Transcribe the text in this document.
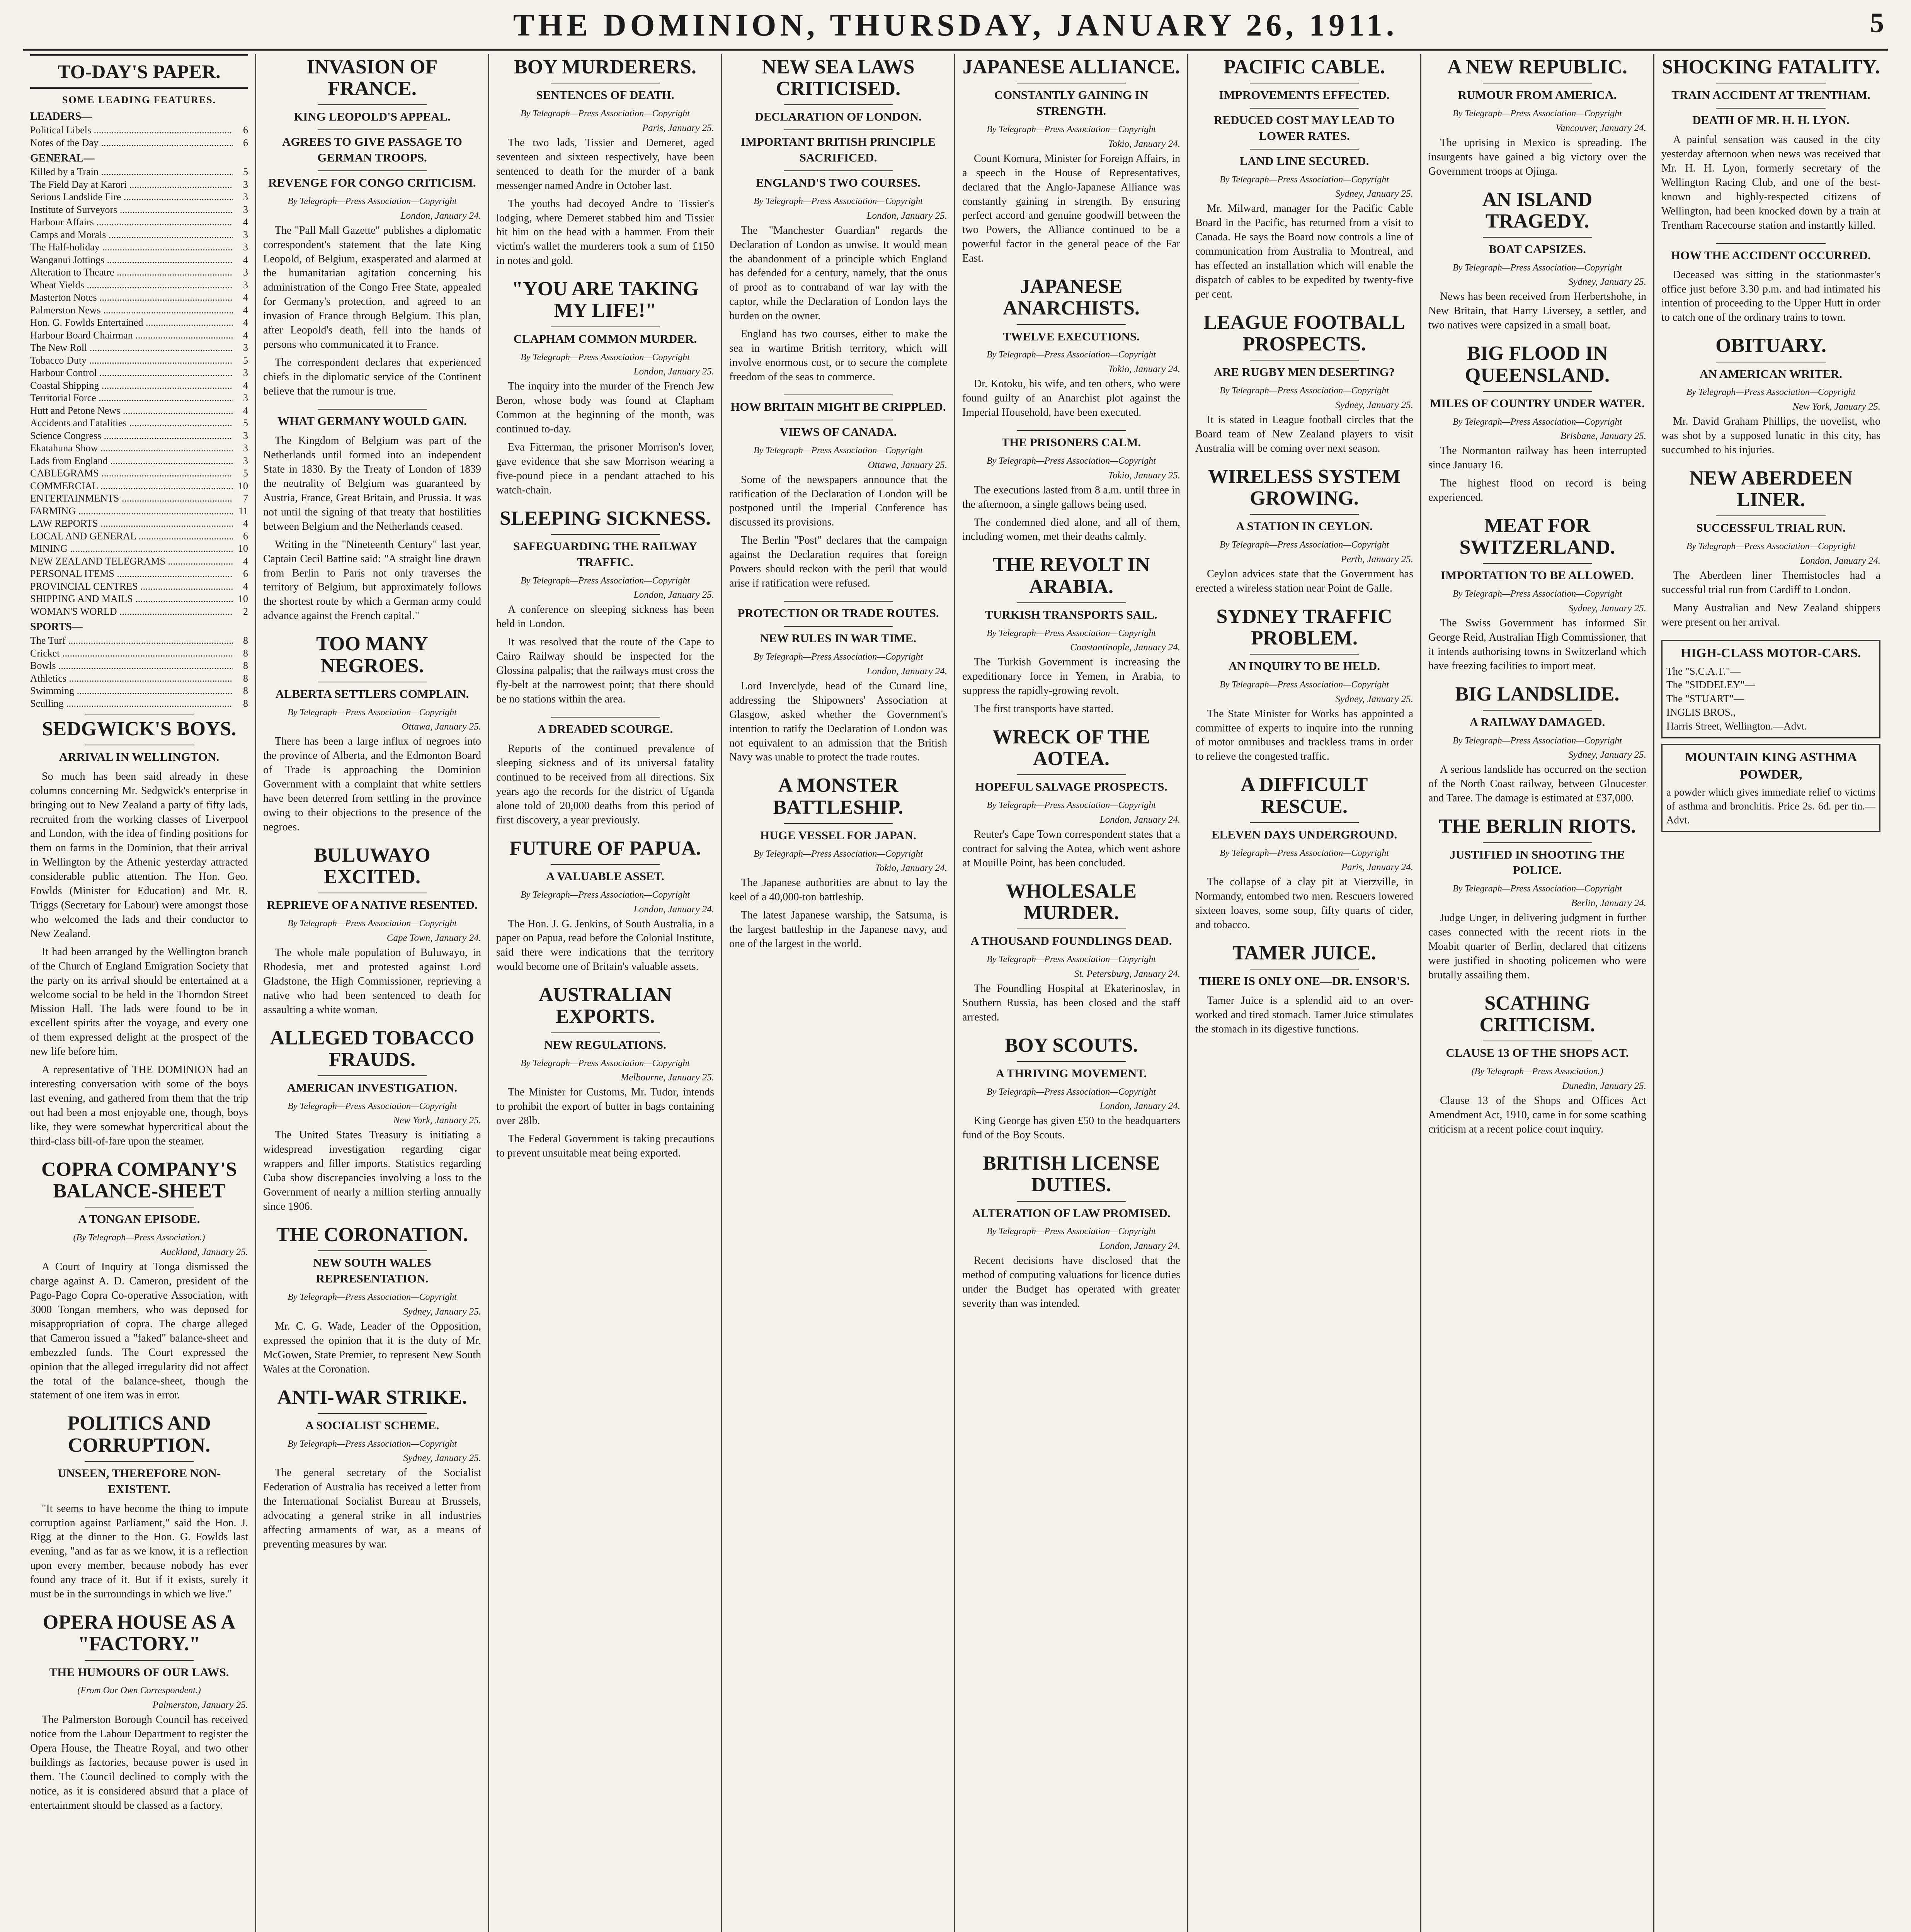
THE DOMINION, THURSDAY, JANUARY 26, 1911.	5
TO-DAY'S PAPER.
SOME LEADING FEATURES.
LEADERS—
Political Libels .....	6
Notes of the Day .....	6
GENERAL—
Killed by a Train .....	5
The Field Day at Karori .....	3
Serious Landslide Fire .....	3
Institute of Surveyors .....	3
Harbour Affairs .....	4
Camps and Morals .....	3
The Half-holiday .....	3
Wanganui Jottings .....	4
Alteration to Theatre .....	3
Wheat Yields .....	3
Masterton Notes .....	4
Palmerston News .....	4
Hon. G. Fowlds Entertained .....	4
Harbour Board Chairman .....	4
The New Roll .....	3
Tobacco Duty .....	5
Harbour Control .....	3
Coastal Shipping .....	4
Territorial Force .....	3
Hutt and Petone News .....	4
Accidents and Fatalities .....	5
Science Congress .....	3
Ekatahuna Show .....	3
Lads from England .....	3
CABLEGRAMS .....	5
COMMERCIAL .....	10
ENTERTAINMENTS .....	7
FARMING .....	11
LAW REPORTS .....	4
LOCAL AND GENERAL .....	6
MINING .....	10
NEW ZEALAND TELEGRAMS .....	4
PERSONAL ITEMS .....	6
PROVINCIAL CENTRES .....	4
SHIPPING AND MAILS .....	10
WOMAN'S WORLD .....	2
SPORTS—
The Turf .....	8
Cricket .....	8
Bowls .....	8
Athletics .....	8
Swimming .....	8
Sculling .....	8
SEDGWICK'S BOYS.
ARRIVAL IN WELLINGTON.

So much has been said already in these columns concerning Mr. Sedgwick's enterprise in bringing out to New Zealand a party of fifty lads, recruited from the working classes of Liverpool and London, with the idea of finding positions for them on farms in the Dominion, that their arrival in Wellington by the Athenic yesterday attracted considerable public attention. The Hon. Geo. Fowlds (Minister for Education) and Mr. R. Triggs (Secretary for Labour) were amongst those who welcomed the lads and their conductor to New Zealand.

It had been arranged by the Wellington branch of the Church of England Emigration Society that the party on its arrival should be entertained at a welcome social to be held in the Thorndon Street Mission Hall. The lads were found to be in excellent spirits after the voyage, and every one of them expressed delight at the prospect of the new life before him.

A representative of THE DOMINION had an interesting conversation with some of the boys last evening, and gathered from them that the trip out had been a most enjoyable one, though, boys like, they were somewhat hypercritical about the third-class bill-of-fare upon the steamer.

COPRA COMPANY'S BALANCE-SHEET
A TONGAN EPISODE.
(By Telegraph—Press Association.)
Auckland, January 25.

A Court of Inquiry at Tonga dismissed the charge against A. D. Cameron, president of the Pago-Pago Copra Co-operative Association, with 3000 Tongan members, who was deposed for misappropriation of copra. The charge alleged that Cameron issued a "faked" balance-sheet and embezzled funds. The Court expressed the opinion that the alleged irregularity did not affect the total of the balance-sheet, though the statement of one item was in error.

POLITICS AND CORRUPTION.
UNSEEN, THEREFORE NON-EXISTENT.

"It seems to have become the thing to impute corruption against Parliament," said the Hon. J. Rigg at the dinner to the Hon. G. Fowlds last evening, "and as far as we know, it is a reflection upon every member, because nobody has ever found any trace of it. But if it exists, surely it must be in the surroundings in which we live."

OPERA HOUSE AS A "FACTORY."
THE HUMOURS OF OUR LAWS.
(From Our Own Correspondent.)
Palmerston, January 25.

The Palmerston Borough Council has received notice from the Labour Department to register the Opera House, the Theatre Royal, and two other buildings as factories, because power is used in them. The Council declined to comply with the notice, as it is considered absurd that a place of entertainment should be classed as a factory.

INVASION OF FRANCE.
KING LEOPOLD'S APPEAL.
AGREES TO GIVE PASSAGE TO GERMAN TROOPS.
REVENGE FOR CONGO CRITICISM.
By Telegraph—Press Association—Copyright
London, January 24.

The "Pall Mall Gazette" publishes a diplomatic correspondent's statement that the late King Leopold, of Belgium, exasperated and alarmed at the humanitarian agitation concerning his administration of the Congo Free State, appealed for Germany's protection, and agreed to an invasion of France through Belgium. This plan, after Leopold's death, fell into the hands of persons who communicated it to France.

The correspondent declares that experienced chiefs in the diplomatic service of the Continent believe that the rumour is true.

WHAT GERMANY WOULD GAIN.

The Kingdom of Belgium was part of the Netherlands until formed into an independent State in 1830. By the Treaty of London of 1839 the neutrality of Belgium was guaranteed by Austria, France, Great Britain, and Prussia. It was not until the signing of that treaty that hostilities between Belgium and the Netherlands ceased.

Writing in the "Nineteenth Century" last year, Captain Cecil Battine said: "A straight line drawn from Berlin to Paris not only traverses the territory of Belgium, but approximately follows the shortest route by which a German army could advance against the French capital."

TOO MANY NEGROES.
ALBERTA SETTLERS COMPLAIN.
By Telegraph—Press Association—Copyright
Ottawa, January 25.

There has been a large influx of negroes into the province of Alberta, and the Edmonton Board of Trade is approaching the Dominion Government with a complaint that white settlers have been deterred from settling in the province owing to their objections to the presence of the negroes.

BULUWAYO EXCITED.
REPRIEVE OF A NATIVE RESENTED.
By Telegraph—Press Association—Copyright
Cape Town, January 24.

The whole male population of Buluwayo, in Rhodesia, met and protested against Lord Gladstone, the High Commissioner, reprieving a native who had been sentenced to death for assaulting a white woman.

ALLEGED TOBACCO FRAUDS.
AMERICAN INVESTIGATION.
By Telegraph—Press Association—Copyright
New York, January 25.

The United States Treasury is initiating a widespread investigation regarding cigar wrappers and filler imports. Statistics regarding Cuba show discrepancies involving a loss to the Government of nearly a million sterling annually since 1906.

THE CORONATION.
NEW SOUTH WALES REPRESENTATION.
By Telegraph—Press Association—Copyright
Sydney, January 25.

Mr. C. G. Wade, Leader of the Opposition, expressed the opinion that it is the duty of Mr. McGowen, State Premier, to represent New South Wales at the Coronation.

ANTI-WAR STRIKE.
A SOCIALIST SCHEME.
By Telegraph—Press Association—Copyright
Sydney, January 25.

The general secretary of the Socialist Federation of Australia has received a letter from the International Socialist Bureau at Brussels, advocating a general strike in all industries affecting armaments of war, as a means of preventing measures by war.

BOY MURDERERS.
SENTENCES OF DEATH.
By Telegraph—Press Association—Copyright
Paris, January 25.

The two lads, Tissier and Demeret, aged seventeen and sixteen respectively, have been sentenced to death for the murder of a bank messenger named Andre in October last.

The youths had decoyed Andre to Tissier's lodging, where Demeret stabbed him and Tissier hit him on the head with a hammer. From their victim's wallet the murderers took a sum of £150 in notes and gold.

"YOU ARE TAKING MY LIFE!"
CLAPHAM COMMON MURDER.
By Telegraph—Press Association—Copyright
London, January 25.

The inquiry into the murder of the French Jew Beron, whose body was found at Clapham Common at the beginning of the month, was continued to-day.

Eva Fitterman, the prisoner Morrison's lover, gave evidence that she saw Morrison wearing a five-pound piece in a pendant attached to his watch-chain.

SLEEPING SICKNESS.
SAFEGUARDING THE RAILWAY TRAFFIC.
By Telegraph—Press Association—Copyright
London, January 25.

A conference on sleeping sickness has been held in London.

It was resolved that the route of the Cape to Cairo Railway should be inspected for the Glossina palpalis; that the railways must cross the fly-belt at the narrowest point; that there should be no stations within the area.

A DREADED SCOURGE.

Reports of the continued prevalence of sleeping sickness and of its universal fatality continued to be received from all directions. Six years ago the records for the district of Uganda alone told of 20,000 deaths from this period of first discovery, a year previously.

FUTURE OF PAPUA.
A VALUABLE ASSET.
By Telegraph—Press Association—Copyright
London, January 24.

The Hon. J. G. Jenkins, of South Australia, in a paper on Papua, read before the Colonial Institute, said there were indications that the territory would become one of Britain's valuable assets.

AUSTRALIAN EXPORTS.
NEW REGULATIONS.
By Telegraph—Press Association—Copyright
Melbourne, January 25.

The Minister for Customs, Mr. Tudor, intends to prohibit the export of butter in bags containing over 28lb.

The Federal Government is taking precautions to prevent unsuitable meat being exported.

NEW SEA LAWS CRITICISED.
DECLARATION OF LONDON.
IMPORTANT BRITISH PRINCIPLE SACRIFICED.
ENGLAND'S TWO COURSES.
By Telegraph—Press Association—Copyright
London, January 25.

The "Manchester Guardian" regards the Declaration of London as unwise. It would mean the abandonment of a principle which England has defended for a century, namely, that the onus of proof as to contraband of war lay with the captor, while the Declaration of London lays the burden on the owner.

England has two courses, either to make the sea in wartime British territory, which will involve enormous cost, or to secure the complete freedom of the seas to commerce.

HOW BRITAIN MIGHT BE CRIPPLED.
VIEWS OF CANADA.
By Telegraph—Press Association—Copyright
Ottawa, January 25.

Some of the newspapers announce that the ratification of the Declaration of London will be postponed until the Imperial Conference has discussed its provisions.

The Berlin "Post" declares that the campaign against the Declaration requires that foreign Powers should reckon with the peril that would arise if ratification were refused.

PROTECTION OR TRADE ROUTES.
NEW RULES IN WAR TIME.
By Telegraph—Press Association—Copyright
London, January 24.

Lord Inverclyde, head of the Cunard line, addressing the Shipowners' Association at Glasgow, asked whether the Government's intention to ratify the Declaration of London was not equivalent to an admission that the British Navy was unable to protect the trade routes.

A MONSTER BATTLESHIP.
HUGE VESSEL FOR JAPAN.
By Telegraph—Press Association—Copyright
Tokio, January 24.

The Japanese authorities are about to lay the keel of a 40,000-ton battleship.

The latest Japanese warship, the Satsuma, is the largest battleship in the Japanese navy, and one of the largest in the world.

JAPANESE ALLIANCE.
CONSTANTLY GAINING IN STRENGTH.
By Telegraph—Press Association—Copyright
Tokio, January 24.

Count Komura, Minister for Foreign Affairs, in a speech in the House of Representatives, declared that the Anglo-Japanese Alliance was constantly gaining in strength. By ensuring perfect accord and genuine goodwill between the two Powers, the Alliance continued to be a powerful factor in the general peace of the Far East.

JAPANESE ANARCHISTS.
TWELVE EXECUTIONS.
By Telegraph—Press Association—Copyright
Tokio, January 24.

Dr. Kotoku, his wife, and ten others, who were found guilty of an Anarchist plot against the Imperial Household, have been executed.

THE PRISONERS CALM.
By Telegraph—Press Association—Copyright
Tokio, January 25.

The executions lasted from 8 a.m. until three in the afternoon, a single gallows being used.

The condemned died alone, and all of them, including women, met their deaths calmly.

THE REVOLT IN ARABIA.
TURKISH TRANSPORTS SAIL.
By Telegraph—Press Association—Copyright
Constantinople, January 24.

The Turkish Government is increasing the expeditionary force in Yemen, in Arabia, to suppress the rapidly-growing revolt.

The first transports have started.

WRECK OF THE AOTEA.
HOPEFUL SALVAGE PROSPECTS.
By Telegraph—Press Association—Copyright
London, January 24.

Reuter's Cape Town correspondent states that a contract for salving the Aotea, which went ashore at Mouille Point, has been concluded.

WHOLESALE MURDER.
A THOUSAND FOUNDLINGS DEAD.
By Telegraph—Press Association—Copyright
St. Petersburg, January 24.

The Foundling Hospital at Ekaterinoslav, in Southern Russia, has been closed and the staff arrested.

BOY SCOUTS.
A THRIVING MOVEMENT.
By Telegraph—Press Association—Copyright
London, January 24.

King George has given £50 to the headquarters fund of the Boy Scouts.

BRITISH LICENSE DUTIES.
ALTERATION OF LAW PROMISED.
By Telegraph—Press Association—Copyright
London, January 24.

Recent decisions have disclosed that the method of computing valuations for licence duties under the Budget has operated with greater severity than was intended.

PACIFIC CABLE.
IMPROVEMENTS EFFECTED.
REDUCED COST MAY LEAD TO LOWER RATES.
LAND LINE SECURED.
By Telegraph—Press Association—Copyright
Sydney, January 25.

Mr. Milward, manager for the Pacific Cable Board in the Pacific, has returned from a visit to Canada. He says the Board now controls a line of communication from Australia to Montreal, and has effected an installation which will enable the dispatch of cables to be expedited by twenty-five per cent.

LEAGUE FOOTBALL PROSPECTS.
ARE RUGBY MEN DESERTING?
By Telegraph—Press Association—Copyright
Sydney, January 25.

It is stated in League football circles that the Board team of New Zealand players to visit Australia will be coming over next season.

WIRELESS SYSTEM GROWING.
A STATION IN CEYLON.
By Telegraph—Press Association—Copyright
Perth, January 25.

Ceylon advices state that the Government has erected a wireless station near Point de Galle.

SYDNEY TRAFFIC PROBLEM.
AN INQUIRY TO BE HELD.
By Telegraph—Press Association—Copyright
Sydney, January 25.

The State Minister for Works has appointed a committee of experts to inquire into the running of motor omnibuses and trackless trams in order to relieve the congested traffic.

A DIFFICULT RESCUE.
ELEVEN DAYS UNDERGROUND.
By Telegraph—Press Association—Copyright
Paris, January 24.

The collapse of a clay pit at Vierzville, in Normandy, entombed two men. Rescuers lowered sixteen loaves, some soup, fifty quarts of cider, and tobacco.

TAMER JUICE.
THERE IS ONLY ONE—DR. ENSOR'S.

Tamer Juice is a splendid aid to an over-worked and tired stomach. Tamer Juice stimulates the stomach in its digestive functions.

A NEW REPUBLIC.
RUMOUR FROM AMERICA.
By Telegraph—Press Association—Copyright
Vancouver, January 24.

The uprising in Mexico is spreading. The insurgents have gained a big victory over the Government troops at Ojinga.

AN ISLAND TRAGEDY.
BOAT CAPSIZES.
By Telegraph—Press Association—Copyright
Sydney, January 25.

News has been received from Herbertshohe, in New Britain, that Harry Liversey, a settler, and two natives were capsized in a small boat.

BIG FLOOD IN QUEENSLAND.
MILES OF COUNTRY UNDER WATER.
By Telegraph—Press Association—Copyright
Brisbane, January 25.

The Normanton railway has been interrupted since January 16.

The highest flood on record is being experienced.

MEAT FOR SWITZERLAND.
IMPORTATION TO BE ALLOWED.
By Telegraph—Press Association—Copyright
Sydney, January 25.

The Swiss Government has informed Sir George Reid, Australian High Commissioner, that it intends authorising towns in Switzerland which have freezing facilities to import meat.

BIG LANDSLIDE.
A RAILWAY DAMAGED.
By Telegraph—Press Association—Copyright
Sydney, January 25.

A serious landslide has occurred on the section of the North Coast railway, between Gloucester and Taree. The damage is estimated at £37,000.

THE BERLIN RIOTS.
JUSTIFIED IN SHOOTING THE POLICE.
By Telegraph—Press Association—Copyright
Berlin, January 24.

Judge Unger, in delivering judgment in further cases connected with the recent riots in the Moabit quarter of Berlin, declared that citizens were justified in shooting policemen who were brutally assailing them.

SCATHING CRITICISM.
CLAUSE 13 OF THE SHOPS ACT.
(By Telegraph—Press Association.)
Dunedin, January 25.

Clause 13 of the Shops and Offices Act Amendment Act, 1910, came in for some scathing criticism at a recent police court inquiry.

SHOCKING FATALITY.
TRAIN ACCIDENT AT TRENTHAM.
DEATH OF MR. H. H. LYON.

A painful sensation was caused in the city yesterday afternoon when news was received that Mr. H. H. Lyon, formerly secretary of the Wellington Racing Club, and one of the best-known and highly-respected citizens of Wellington, had been knocked down by a train at Trentham Racecourse station and instantly killed.

HOW THE ACCIDENT OCCURRED.

Deceased was sitting in the stationmaster's office just before 3.30 p.m. and had intimated his intention of proceeding to the Upper Hutt in order to catch one of the ordinary trains to town.

OBITUARY.
AN AMERICAN WRITER.
By Telegraph—Press Association—Copyright
New York, January 25.

Mr. David Graham Phillips, the novelist, who was shot by a supposed lunatic in this city, has succumbed to his injuries.

NEW ABERDEEN LINER.
SUCCESSFUL TRIAL RUN.
By Telegraph—Press Association—Copyright
London, January 24.

The Aberdeen liner Themistocles had a successful trial run from Cardiff to London.

Many Australian and New Zealand shippers were present on her arrival.

HIGH-CLASS MOTOR-CARS.
The "S.C.A.T."—
The "SIDDELEY"—
The "STUART"—
INGLIS BROS.,
Harris Street, Wellington.—Advt.
MOUNTAIN KING ASTHMA POWDER,
a powder which gives immediate relief to victims of asthma and bronchitis. Price 2s. 6d. per tin.—Advt.
